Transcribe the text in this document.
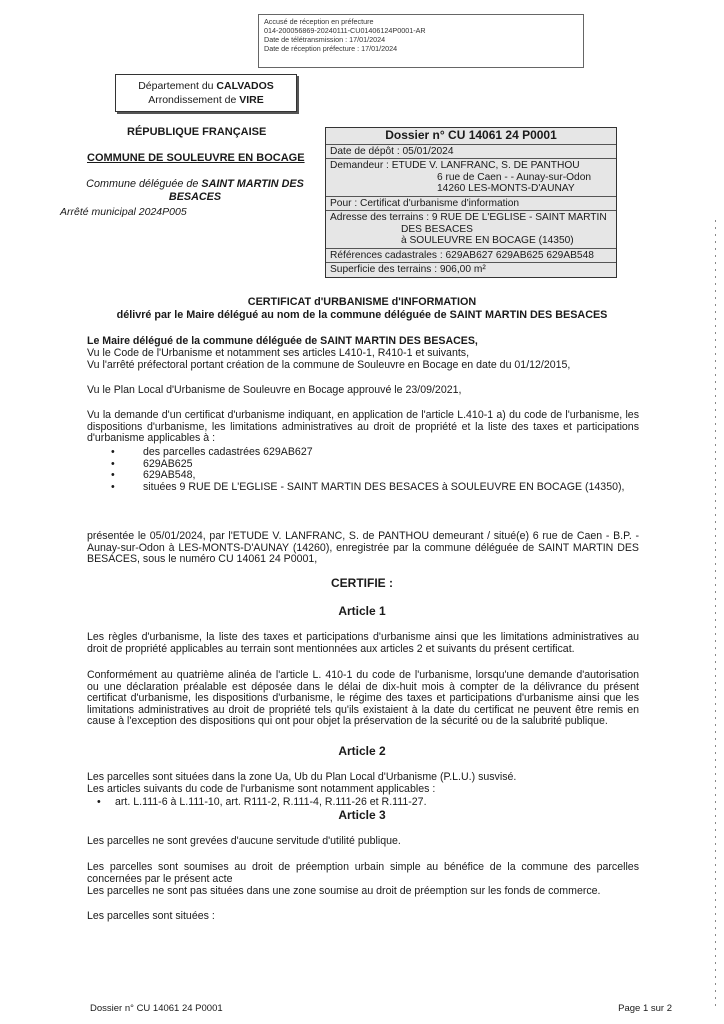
Accusé de réception en préfecture
014-200056869-20240111-CU01406124P0001-AR
Date de télétransmission : 17/01/2024
Date de réception préfecture : 17/01/2024
Département du CALVADOS
Arrondissement de VIRE
RÉPUBLIQUE FRANÇAISE
COMMUNE DE SOULEUVRE EN BOCAGE
Commune déléguée de SAINT MARTIN DES BESACES
Arrêté municipal 2024P005
Dossier n° CU 14061 24 P0001
Date de dépôt : 05/01/2024
Demandeur : ETUDE V. LANFRANC, S. DE PANTHOU
6 rue de Caen - - Aunay-sur-Odon
14260 LES-MONTS-D'AUNAY
Pour : Certificat d'urbanisme d'information
Adresse des terrains : 9 RUE DE L'EGLISE - SAINT MARTIN
DES BESACES
à SOULEUVRE EN BOCAGE (14350)
Références cadastrales : 629AB627 629AB625 629AB548
Superficie des terrains : 906,00 m²
CERTIFICAT d'URBANISME d'INFORMATION
délivré par le Maire délégué au nom de la commune déléguée de SAINT MARTIN DES BESACES
Le Maire délégué de la commune déléguée de SAINT MARTIN DES BESACES,
Vu le Code de l'Urbanisme et notamment ses articles L410-1, R410-1 et suivants,
Vu l'arrêté préfectoral portant création de la commune de Souleuvre en Bocage en date du 01/12/2015,
Vu le Plan Local d'Urbanisme de Souleuvre en Bocage approuvé le 23/09/2021,
Vu la demande d'un certificat d'urbanisme indiquant, en application de l'article L.410-1 a) du code de l'urbanisme, les dispositions d'urbanisme, les limitations administratives au droit de propriété et la liste des taxes et participations d'urbanisme applicables à :
•	des parcelles cadastrées 629AB627
•	629AB625
•	629AB548,
•	situées 9 RUE DE L'EGLISE - SAINT MARTIN DES BESACES à SOULEUVRE EN BOCAGE (14350),
présentée le 05/01/2024, par l'ETUDE V. LANFRANC, S. de PANTHOU demeurant / situé(e) 6 rue de Caen - B.P. - Aunay-sur-Odon à LES-MONTS-D'AUNAY (14260), enregistrée par la commune déléguée de SAINT MARTIN DES BESACES, sous le numéro CU 14061 24 P0001,
CERTIFIE :
Article 1
Les règles d'urbanisme, la liste des taxes et participations d'urbanisme ainsi que les limitations administratives au droit de propriété applicables au terrain sont mentionnées aux articles 2 et suivants du présent certificat.
Conformément au quatrième alinéa de l'article L. 410-1 du code de l'urbanisme, lorsqu'une demande d'autorisation ou une déclaration préalable est déposée dans le délai de dix-huit mois à compter de la délivrance du présent certificat d'urbanisme, les dispositions d'urbanisme, le régime des taxes et participations d'urbanisme ainsi que les limitations administratives au droit de propriété tels qu'ils existaient à la date du certificat ne peuvent être remis en cause à l'exception des dispositions qui ont pour objet la préservation de la sécurité ou de la salubrité publique.
Article 2
Les parcelles sont situées dans la zone Ua, Ub du Plan Local d'Urbanisme (P.L.U.) susvisé.
Les articles suivants du code de l'urbanisme sont notamment applicables :
•	art. L.111-6 à L.111-10, art. R111-2, R.111-4, R.111-26 et R.111-27.
Article 3
Les parcelles ne sont grevées d'aucune servitude d'utilité publique.
Les parcelles sont soumises au droit de préemption urbain simple au bénéfice de la commune des parcelles concernées par le présent acte
Les parcelles ne sont pas situées dans une zone soumise au droit de préemption sur les fonds de commerce.
Les parcelles sont situées :
Dossier n° CU 14061 24 P0001	Page 1 sur 2
